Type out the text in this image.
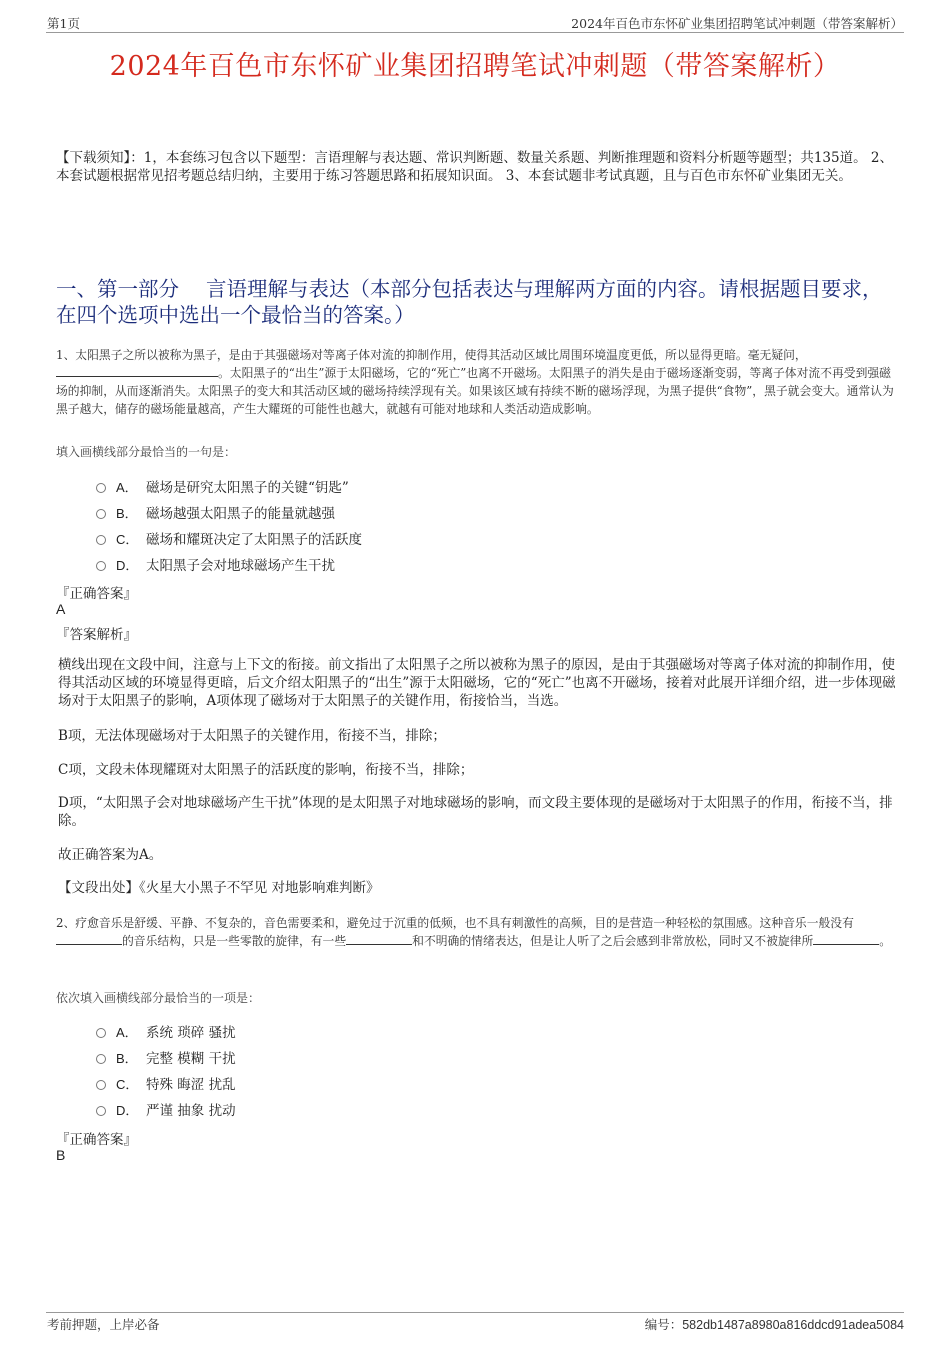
第1页	2024年百色市东怀矿业集团招聘笔试冲刺题（带答案解析）
2024年百色市东怀矿业集团招聘笔试冲刺题（带答案解析）
【下载须知】：1，本套练习包含以下题型：言语理解与表达题、常识判断题、数量关系题、判断推理题和资料分析题等题型；共135道。 2、本套试题根据常见招考题总结归纳，主要用于练习答题思路和拓展知识面。 3、本套试题非考试真题，且与百色市东怀矿业集团无关。
一、第一部分　 言语理解与表达（本部分包括表达与理解两方面的内容。请根据题目要求，在四个选项中选出一个最恰当的答案。）
1、太阳黑子之所以被称为黑子，是由于其强磁场对等离子体对流的抑制作用，使得其活动区域比周围环境温度更低，所以显得更暗。毫无疑问，。太阳黑子的“出生”源于太阳磁场，它的“死亡”也离不开磁场。太阳黑子的消失是由于磁场逐渐变弱，等离子体对流不再受到强磁场的抑制，从而逐渐消失。太阳黑子的变大和其活动区域的磁场持续浮现有关。如果该区域有持续不断的磁场浮现，为黑子提供“食物”，黑子就会变大。通常认为黑子越大，储存的磁场能量越高，产生大耀斑的可能性也越大，就越有可能对地球和人类活动造成影响。
填入画横线部分最恰当的一句是：
A． 磁场是研究太阳黑子的关键“钥匙”
B． 磁场越强太阳黑子的能量就越强
C． 磁场和耀斑决定了太阳黑子的活跃度
D． 太阳黑子会对地球磁场产生干扰
『正确答案』
A
『答案解析』
横线出现在文段中间，注意与上下文的衔接。前文指出了太阳黑子之所以被称为黑子的原因，是由于其强磁场对等离子体对流的抑制作用，使得其活动区域的环境显得更暗，后文介绍太阳黑子的“出生”源于太阳磁场，它的“死亡”也离不开磁场，接着对此展开详细介绍，进一步体现磁场对于太阳黑子的影响，A项体现了磁场对于太阳黑子的关键作用，衔接恰当，当选。
B项，无法体现磁场对于太阳黑子的关键作用，衔接不当，排除；
C项，文段未体现耀斑对太阳黑子的活跃度的影响，衔接不当，排除；
D项，“太阳黑子会对地球磁场产生干扰”体现的是太阳黑子对地球磁场的影响，而文段主要体现的是磁场对于太阳黑子的作用，衔接不当，排除。
故正确答案为A。
【文段出处】《火星大小黑子不罕见 对地影响难判断》
2、疗愈音乐是舒缓、平静、不复杂的，音色需要柔和，避免过于沉重的低频，也不具有刺激性的高频，目的是营造一种轻松的氛围感。这种音乐一般没有的音乐结构，只是一些零散的旋律，有一些	和不明确的情绪表达，但是让人听了之后会感到非常放松，同时又不被旋律所	。
依次填入画横线部分最恰当的一项是：
A． 系统 琐碎 骚扰
B． 完整 模糊 干扰
C． 特殊 晦涩 扰乱
D． 严谨 抽象 扰动
『正确答案』
B
考前押题，上岸必备	编号：582db1487a8980a816ddcd91adea5084
